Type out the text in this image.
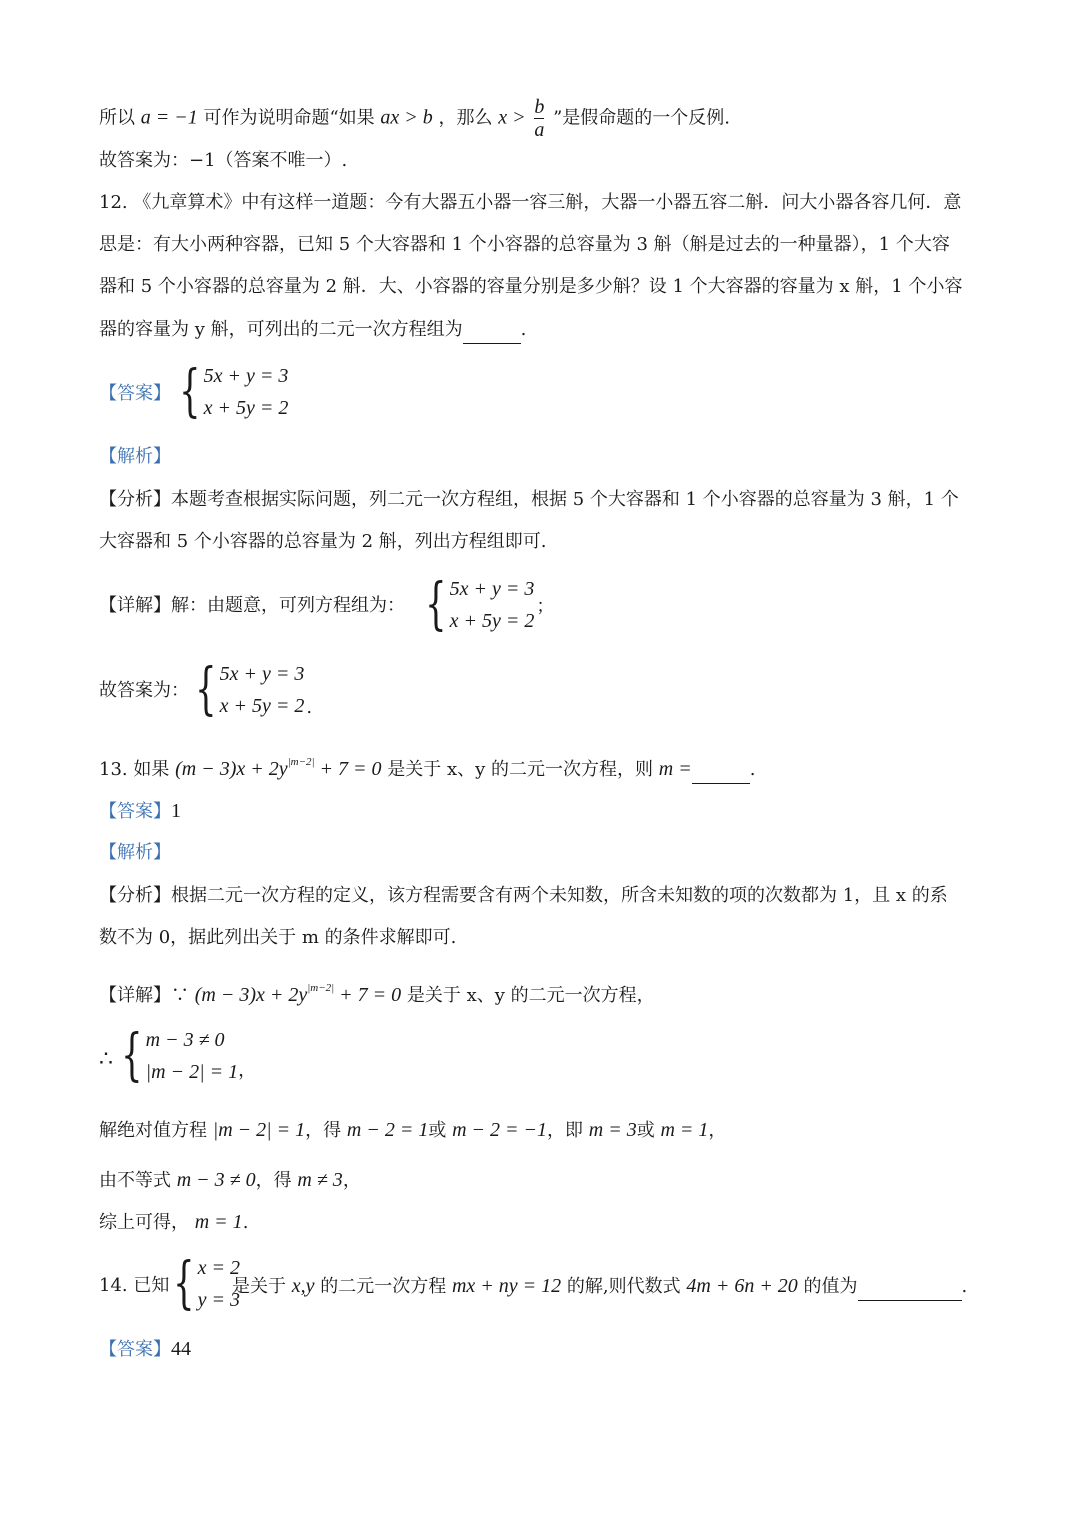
所以 a = −1 可作为说明命题“如果 ax > b ，那么 $x > \frac{b}{a}$ ”是假命题的一个反例.
故答案为：−1（答案不唯一）.
12. 《九章算术》中有这样一道题：今有大器五小器一容三斛，大器一小器五容二斛．问大小器各容几何．意
思是：有大小两种容器，已知 5 个大容器和 1 个小容器的总容量为 3 斛（斛是过去的一种量器），1 个大容
器和 5 个小容器的总容量为 2 斛．大、小容器的容量分别是多少斛？设 1 个大容器的容量为 x 斛，1 个小容
器的容量为 y 斛，可列出的二元一次方程组为	.
【答案】 { 5x + y = 3
x + 5y = 2
【解析】
【分析】本题考查根据实际问题，列二元一次方程组，根据 5 个大容器和 1 个小容器的总容量为 3 斛，1 个
大容器和 5 个小容器的总容量为 2 斛，列出方程组即可.
【详解】解：由题意，可列方程组为： { 5x + y = 3
x + 5y = 2
；
故答案为： { 5x + y = 3
x + 5y = 2 .
13. 如果 $(m - 3)x + 2y^{|m-2|} + 7 = 0$ 是关于 x、y 的二元一次方程，则 m =	.
【答案】1
【解析】
【分析】根据二元一次方程的定义，该方程需要含有两个未知数，所含未知数的项的次数都为 1，且 x 的系
数不为 0，据此列出关于 m 的条件求解即可.
【详解】∵ $(m - 3)x + 2y^{|m-2|} + 7 = 0$ 是关于 x、y 的二元一次方程，
∴ { m − 3 ≠ 0
|m − 2| = 1 ，
解绝对值方程 |m − 2| = 1，得 m − 2 = 1或 m − 2 = −1，即 m = 3或 m = 1，
由不等式 m − 3 ≠ 0，得 m ≠ 3，
综上可得， m = 1.
14. 已知 { x = 2
y = 3
是关于 x,y 的二元一次方程 mx + ny = 12 的解,则代数式 4m + 6n + 20 的值为	.
【答案】44
